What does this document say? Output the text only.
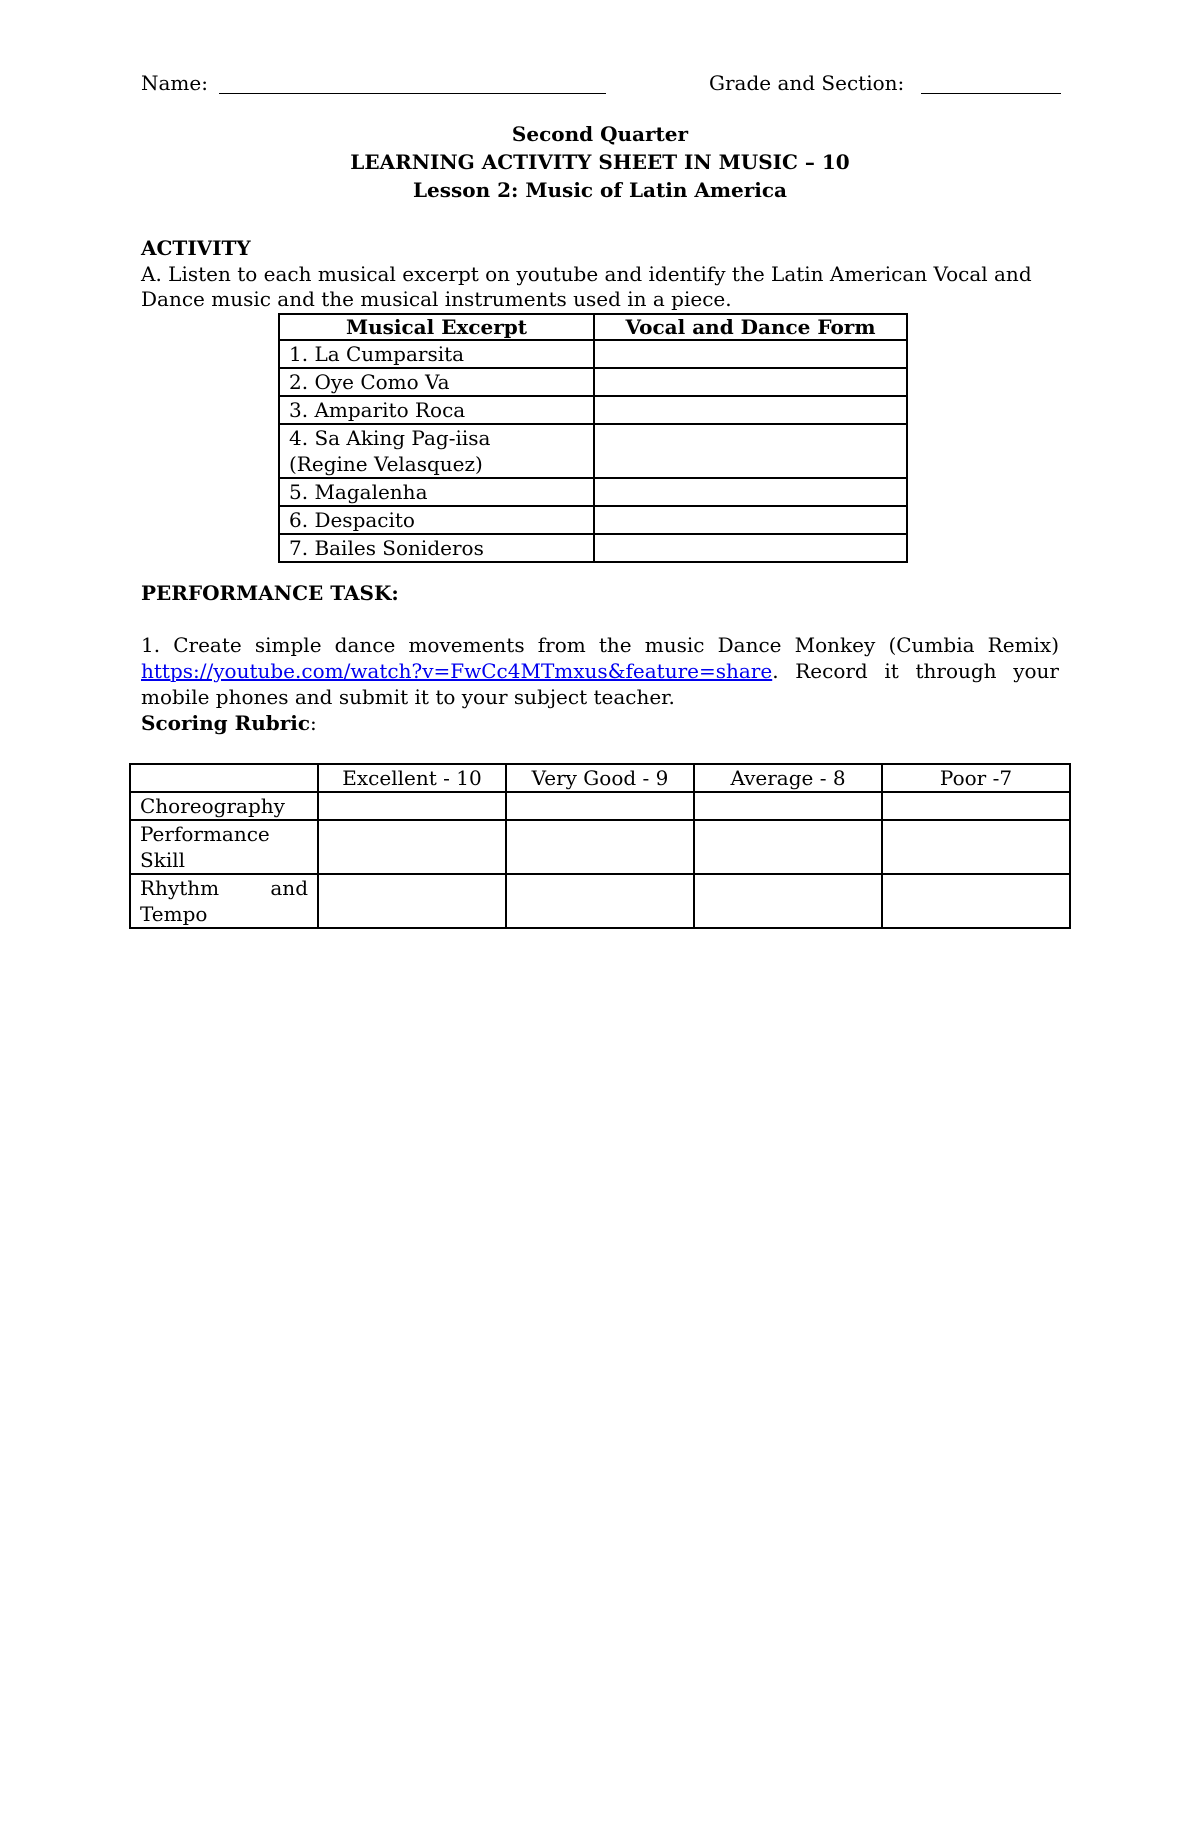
Name:	Grade and Section:
Second Quarter
LEARNING ACTIVITY SHEET IN MUSIC – 10
Lesson 2: Music of Latin America
ACTIVITY
A. Listen to each musical excerpt on youtube and identify the Latin American Vocal and Dance music and the musical instruments used in a piece.
Musical Excerpt	Vocal and Dance Form
1. La Cumparsita	
2. Oye Como Va	
3. Amparito Roca	

4. Sa Aking Pag-iisa
(Regine Velasquez)	

5. Magalenha	
6. Despacito	
7. Bailes Sonideros	
PERFORMANCE TASK:
1. Create simple dance movements from the music Dance Monkey (Cumbia Remix) https://youtube.com/watch?v=FwCc4MTmxus&feature=share. Record it through your mobile phones and submit it to your subject teacher.
Scoring Rubric:
	Excellent - 10	Very Good - 9	Average - 8	Poor -7
Choreography				

Performance
Skill				

Rhythm and
Tempo				
